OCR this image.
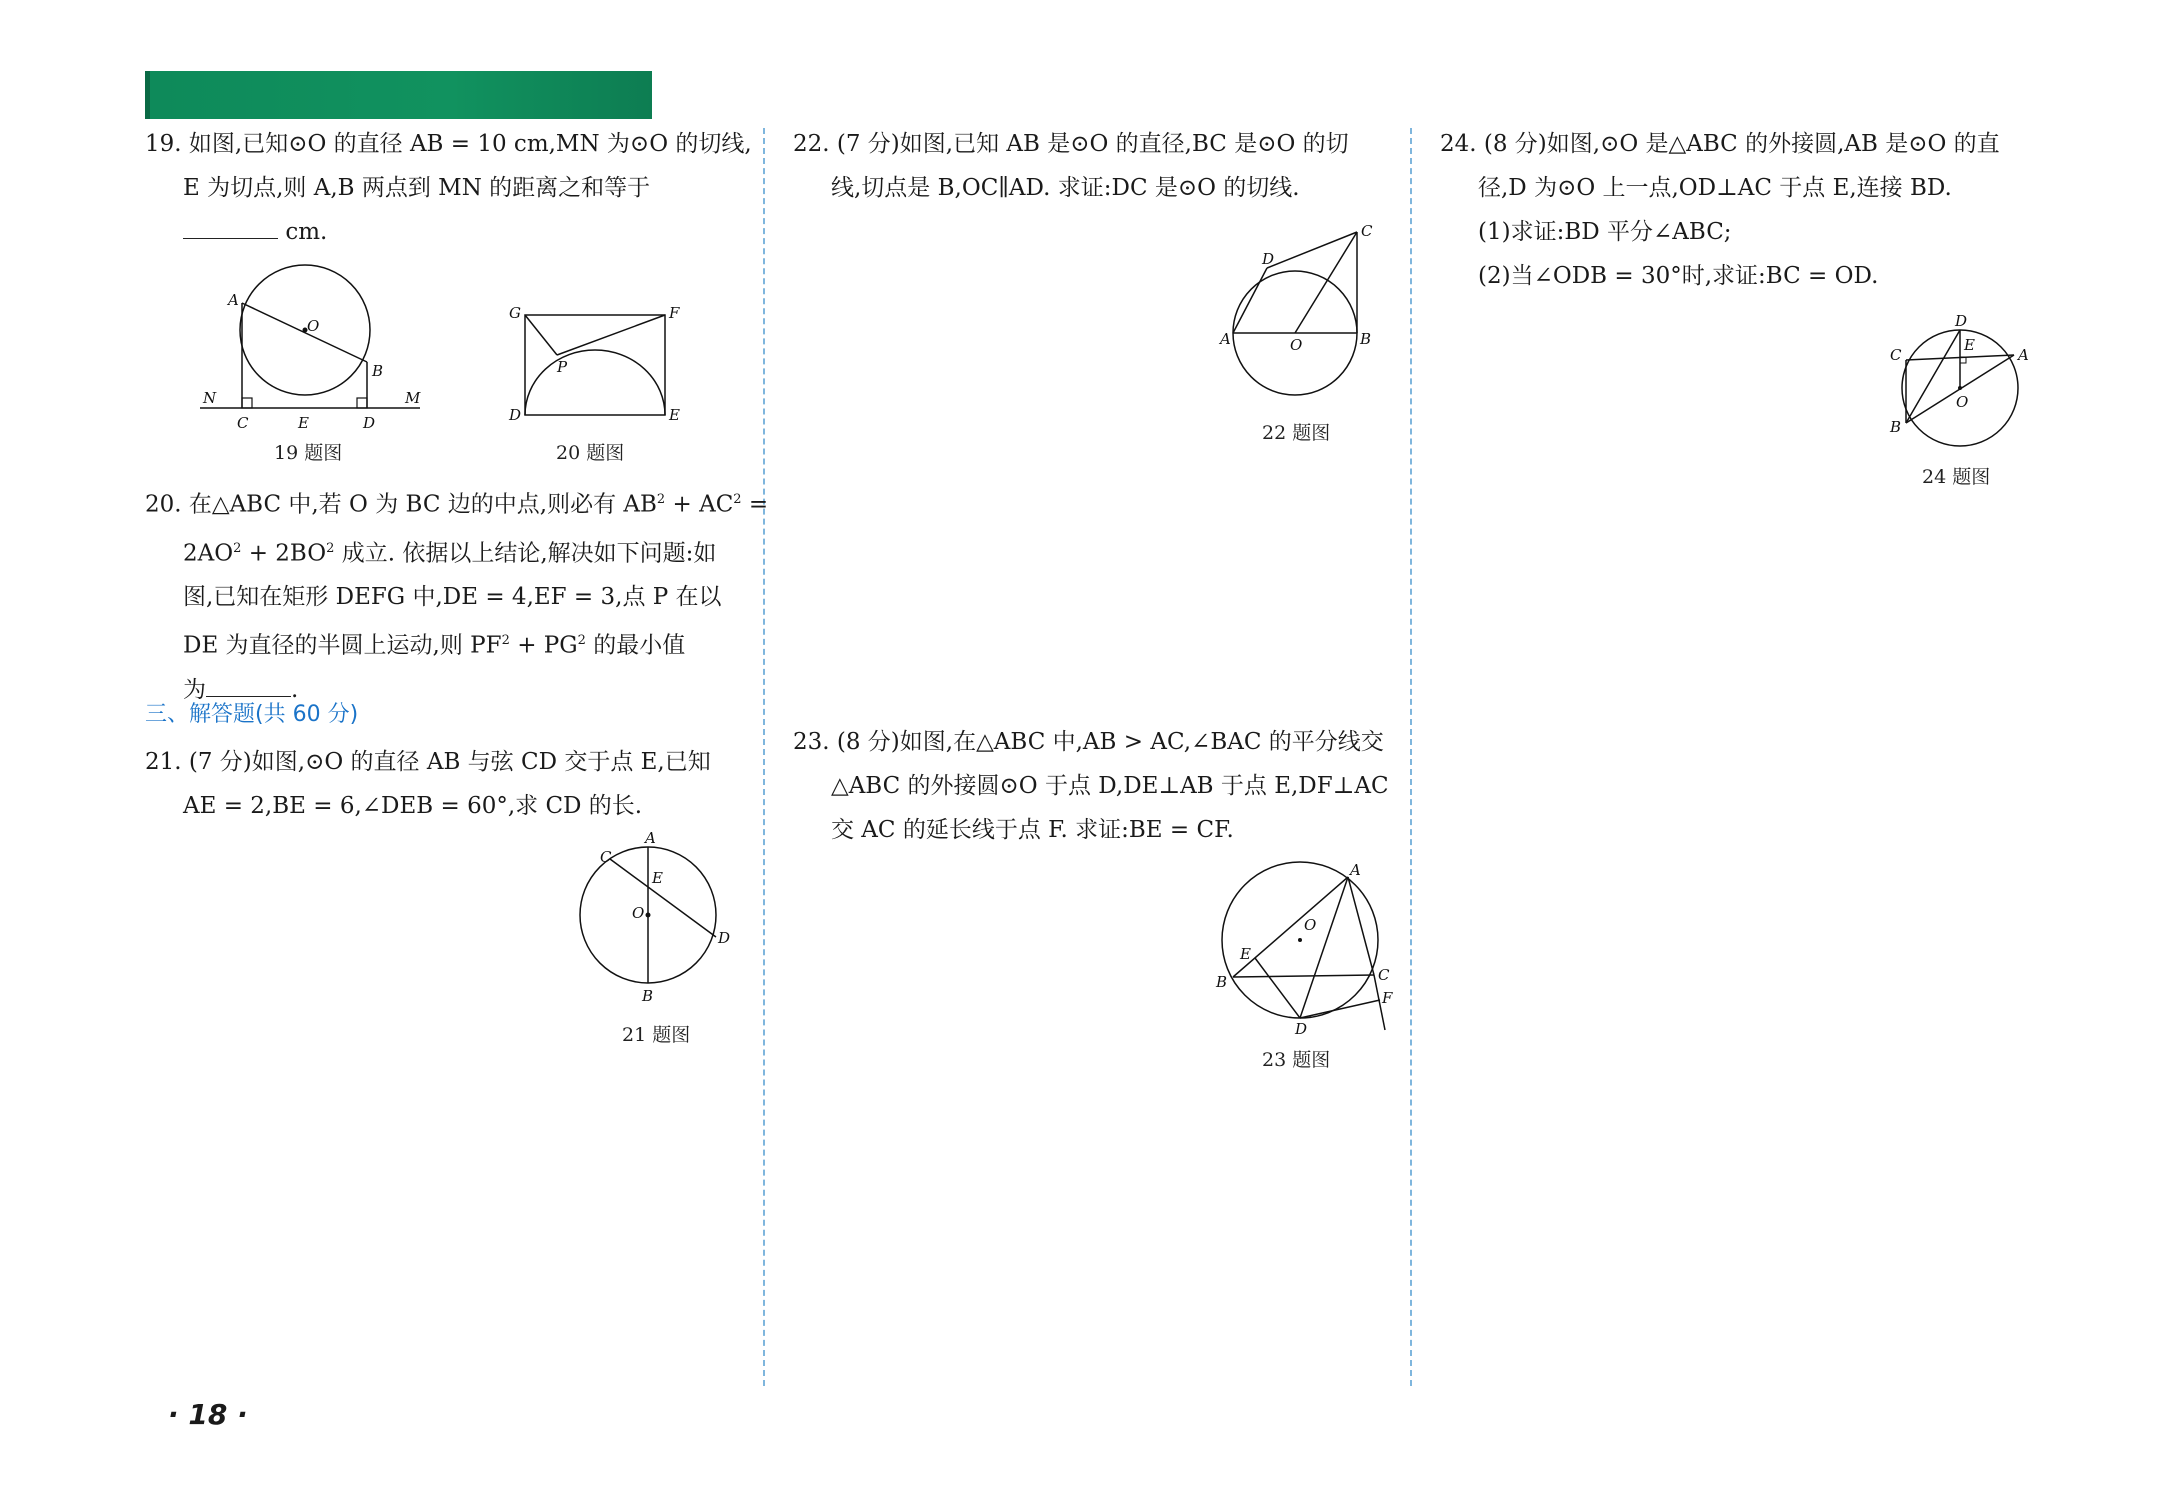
19. 如图,已知⊙O 的直径 AB = 10 cm,MN 为⊙O 的切线,
E 为切点,则 A,B 两点到 MN 的距离之和等于
cm.
A
O
B
N
C	E	D
M
19 题图
G	F
P
D	E
20 题图
20. 在△ABC 中,若 O 为 BC 边的中点,则必有 $AB^2 + AC^2$ =
$2AO^2 + 2BO^2$ 成立. 依据以上结论,解决如下问题:如
图,已知在矩形 DEFG 中,DE = 4,EF = 3,点 P 在以
DE 为直径的半圆上运动,则 $PF^2 + PG^2$ 的最小值
为	.
三、解答题(共 60 分)
21. (7 分)如图,⊙O 的直径 AB 与弦 CD 交于点 E,已知
AE = 2,BE = 6,∠DEB = 60°,求 CD 的长.
C
A
E
O
D
B
21 题图
22. (7 分)如图,已知 AB 是⊙O 的直径,BC 是⊙O 的切
线,切点是 B,OC∥AD. 求证:DC 是⊙O 的切线.
D
C
A	O	B
22 题图
23. (8 分)如图,在△ABC 中,AB > AC,∠BAC 的平分线交
△ABC 的外接圆⊙O 于点 D,DE⊥AB 于点 E,DF⊥AC
交 AC 的延长线于点 F. 求证:BE = CF.
A
O
E
B	C
F
D
23 题图
24. (8 分)如图,⊙O 是△ABC 的外接圆,AB 是⊙O 的直
径,D 为⊙O 上一点,OD⊥AC 于点 E,连接 BD.
(1)求证:BD 平分∠ABC;
(2)当∠ODB = 30°时,求证:BC = OD.
D
C
E
A
O
B
24 题图
· 18 ·
